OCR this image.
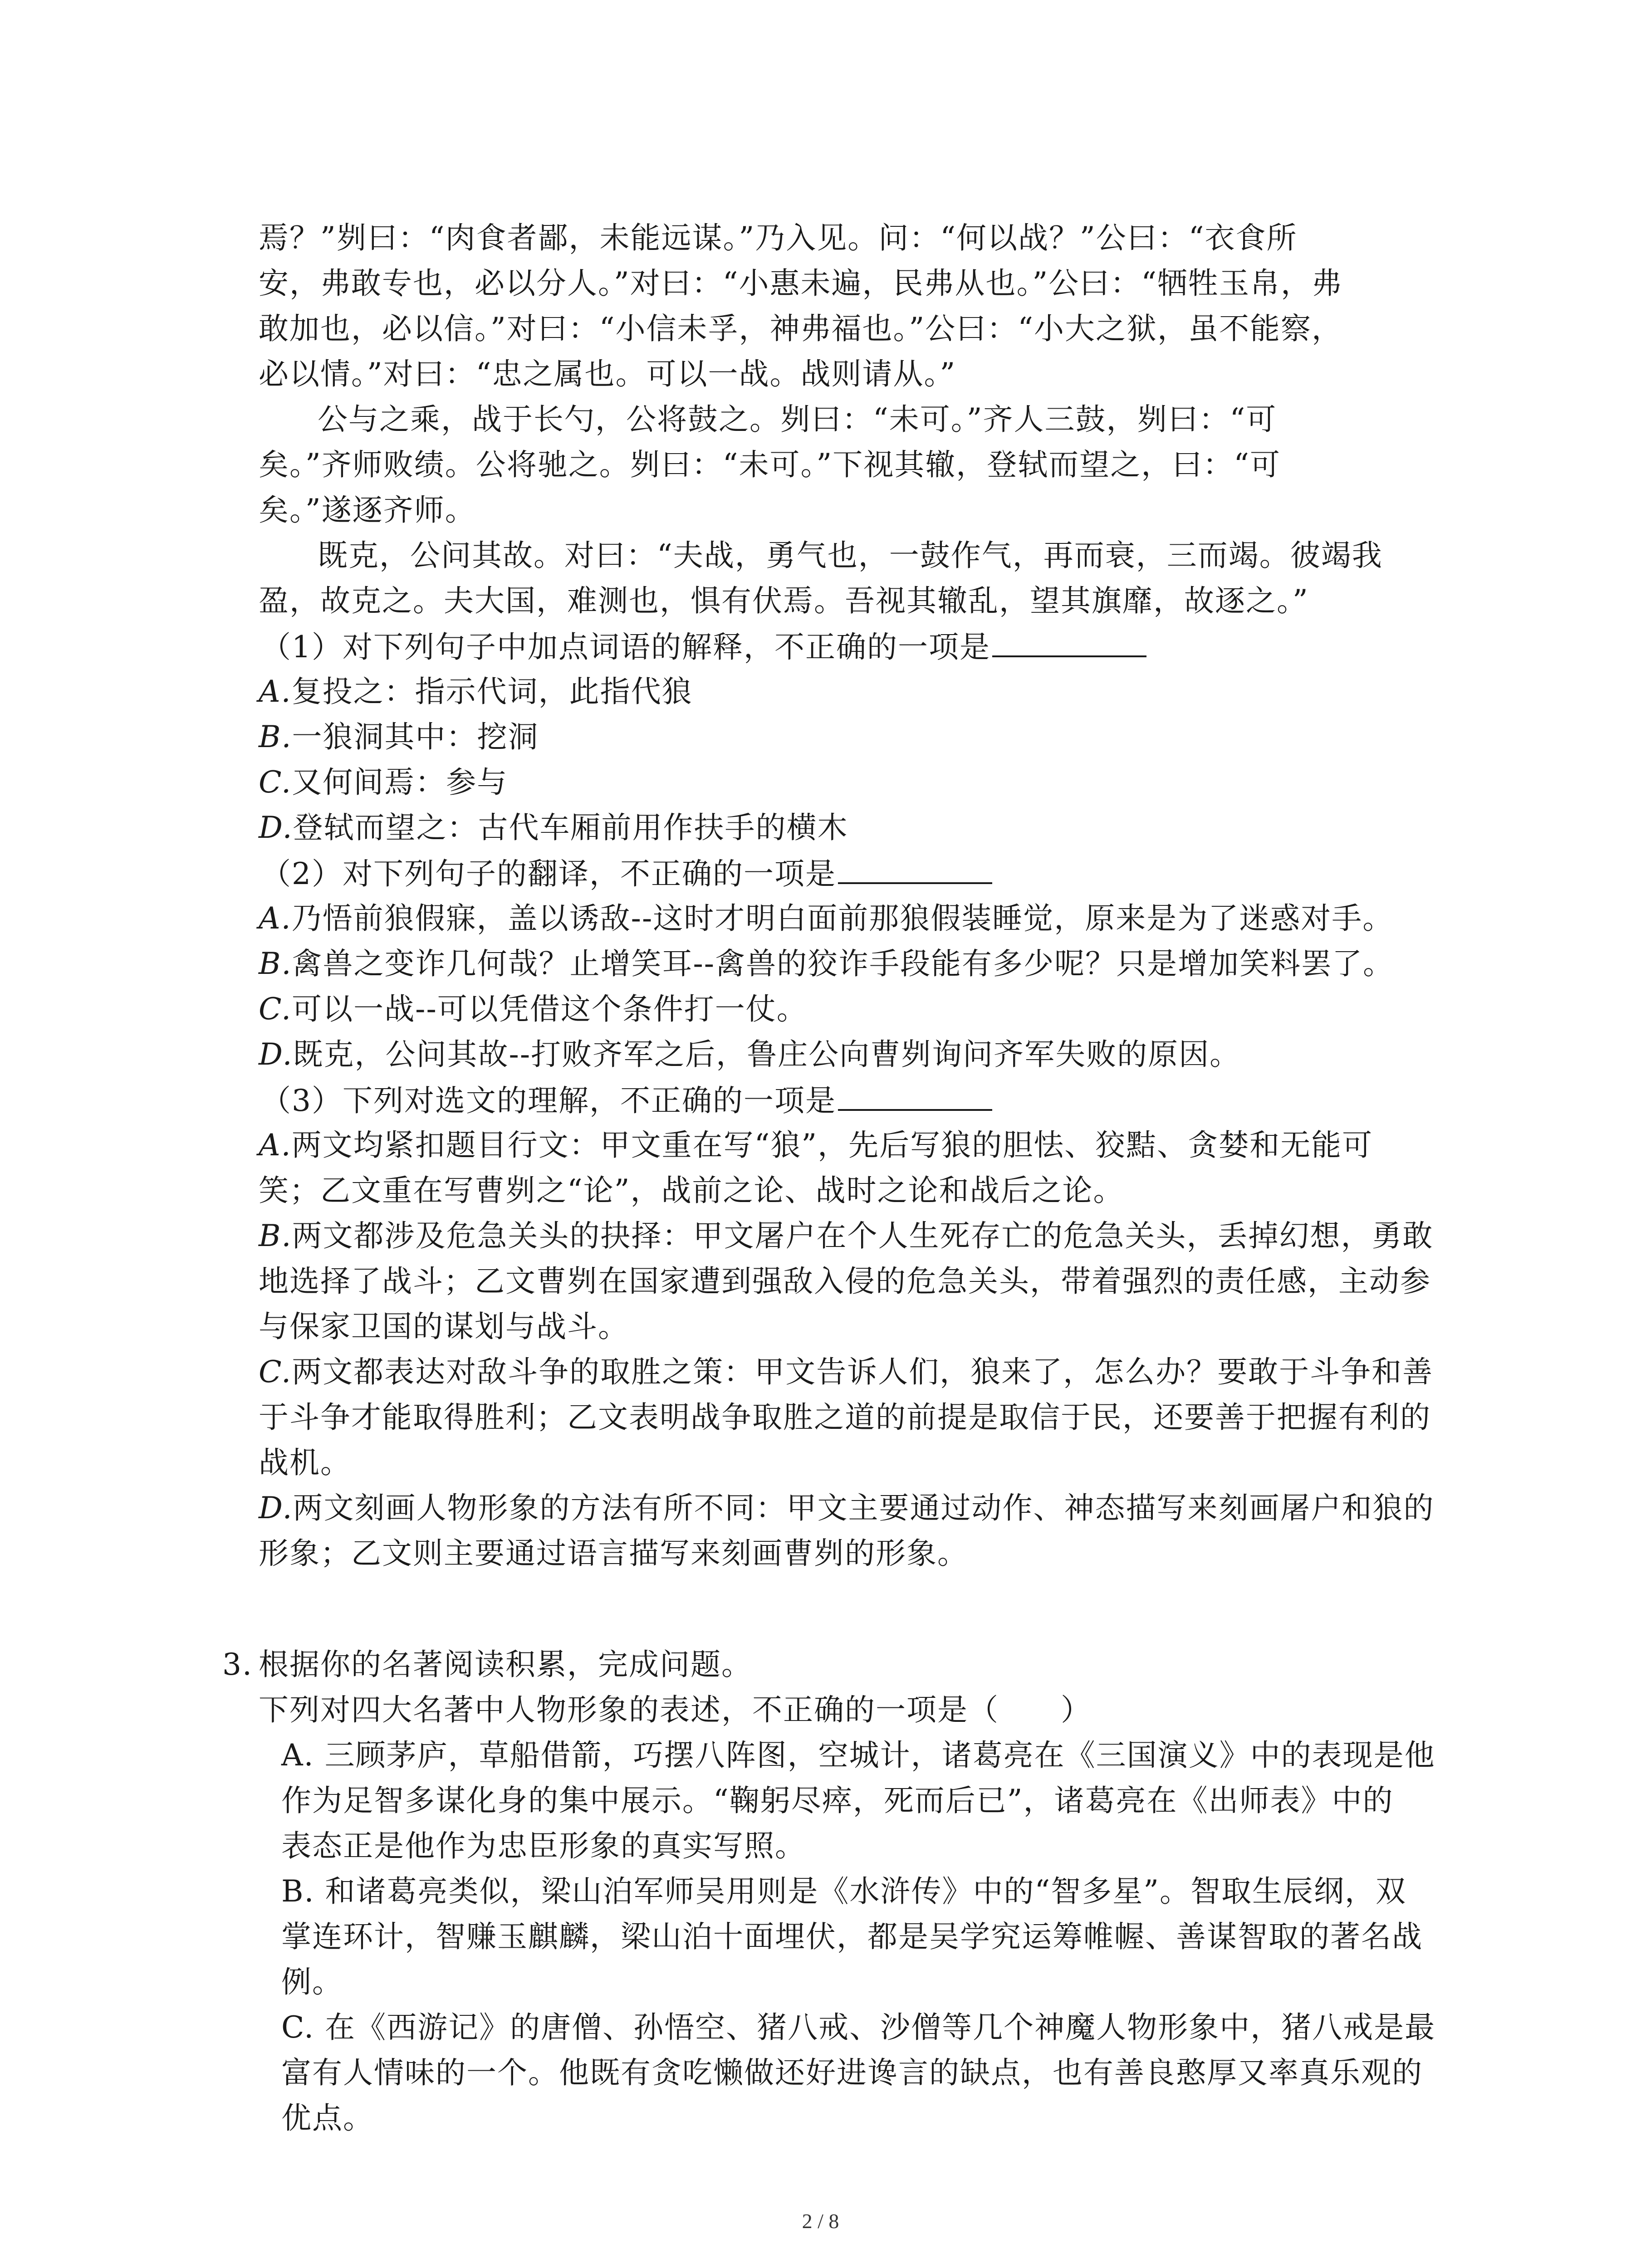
焉？”刿曰：“肉食者鄙，未能远谋。”乃入见。问：“何以战？”公曰：“衣食所
安，弗敢专也，必以分人。”对曰：“小惠未遍，民弗从也。”公曰：“牺牲玉帛，弗
敢加也，必以信。”对曰：“小信未孚，神弗福也。”公曰：“小大之狱，虽不能察，
必以情。”对曰：“忠之属也。可以一战。战则请从。”
公与之乘，战于长勺，公将鼓之。刿曰：“未可。”齐人三鼓，刿曰：“可
矣。”齐师败绩。公将驰之。刿曰：“未可。”下视其辙，登轼而望之，曰：“可
矣。”遂逐齐师。
既克，公问其故。对曰：“夫战，勇气也，一鼓作气，再而衰，三而竭。彼竭我
盈，故克之。夫大国，难测也，惧有伏焉。吾视其辙乱，望其旗靡，故逐之。”
（1）对下列句子中加点词语的解释，不正确的一项是
A.复投之：指示代词，此指代狼
B.一狼洞其中：挖洞
C.又何间焉：参与
D.登轼而望之：古代车厢前用作扶手的横木
（2）对下列句子的翻译，不正确的一项是
A.乃悟前狼假寐，盖以诱敌--这时才明白面前那狼假装睡觉，原来是为了迷惑对手。
B.禽兽之变诈几何哉？止增笑耳--禽兽的狡诈手段能有多少呢？只是增加笑料罢了。
C.可以一战--可以凭借这个条件打一仗。
D.既克，公问其故--打败齐军之后，鲁庄公向曹刿询问齐军失败的原因。
（3）下列对选文的理解，不正确的一项是
A.两文均紧扣题目行文：甲文重在写“狼”，先后写狼的胆怯、狡黠、贪婪和无能可
笑；乙文重在写曹刿之“论”，战前之论、战时之论和战后之论。
B.两文都涉及危急关头的抉择：甲文屠户在个人生死存亡的危急关头，丢掉幻想，勇敢
地选择了战斗；乙文曹刿在国家遭到强敌入侵的危急关头，带着强烈的责任感，主动参
与保家卫国的谋划与战斗。
C.两文都表达对敌斗争的取胜之策：甲文告诉人们，狼来了，怎么办？要敢于斗争和善
于斗争才能取得胜利；乙文表明战争取胜之道的前提是取信于民，还要善于把握有利的
战机。
D.两文刻画人物形象的方法有所不同：甲文主要通过动作、神态描写来刻画屠户和狼的
形象；乙文则主要通过语言描写来刻画曹刿的形象。
3. 根据你的名著阅读积累，完成问题。
下列对四大名著中人物形象的表述，不正确的一项是（　　）
A. 三顾茅庐，草船借箭，巧摆八阵图，空城计，诸葛亮在《三国演义》中的表现是他
作为足智多谋化身的集中展示。“鞠躬尽瘁，死而后已”，诸葛亮在《出师表》中的
表态正是他作为忠臣形象的真实写照。
B. 和诸葛亮类似，梁山泊军师吴用则是《水浒传》中的“智多星”。智取生辰纲，双
掌连环计，智赚玉麒麟，梁山泊十面埋伏，都是吴学究运筹帷幄、善谋智取的著名战
例。
C. 在《西游记》的唐僧、孙悟空、猪八戒、沙僧等几个神魔人物形象中，猪八戒是最
富有人情味的一个。他既有贪吃懒做还好进谗言的缺点，也有善良憨厚又率真乐观的
优点。
2 / 8
